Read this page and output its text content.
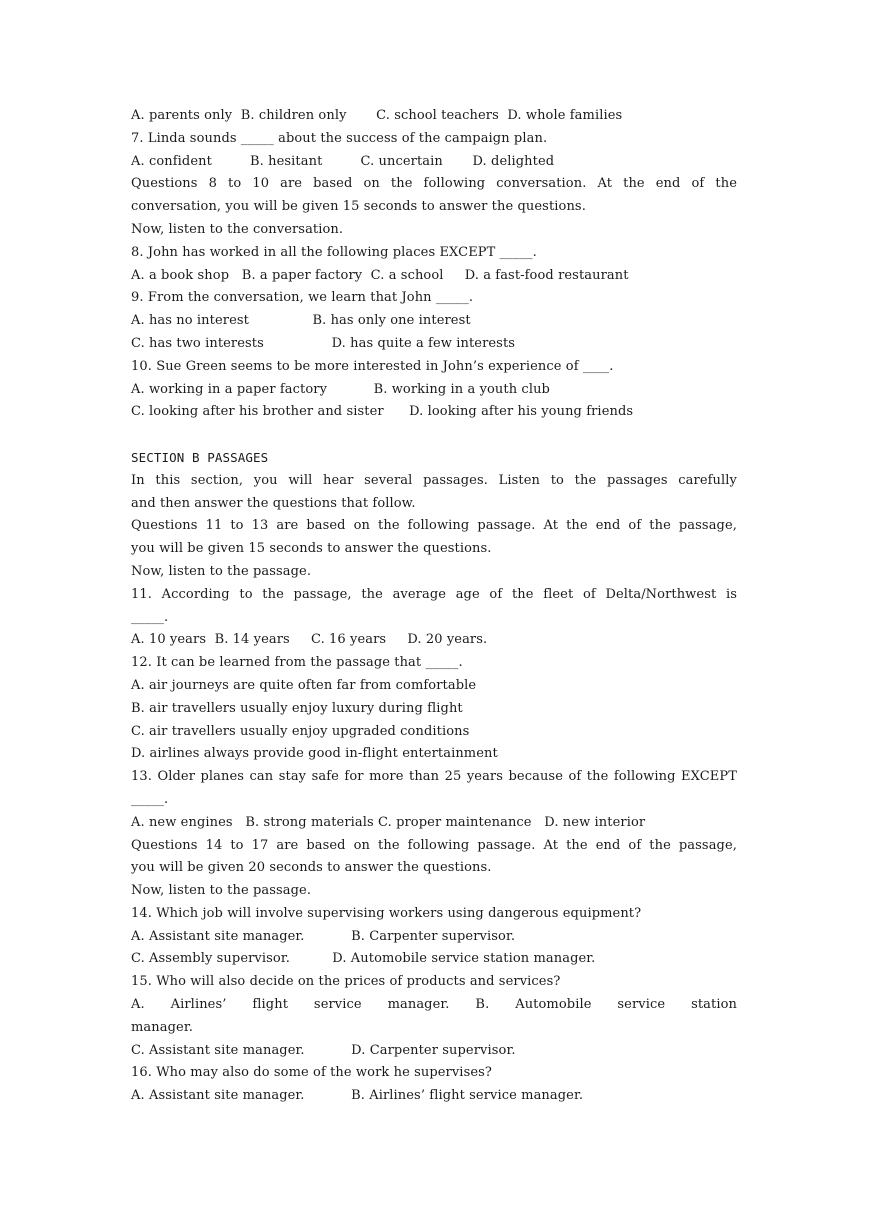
A. parents only  B. children only       C. school teachers  D. whole families
7. Linda sounds _____ about the success of the campaign plan.
A. confident         B. hesitant         C. uncertain       D. delighted
Questions 8 to 10 are based on the following conversation. At the end of the
conversation, you will be given 15 seconds to answer the questions.
Now, listen to the conversation.
8. John has worked in all the following places EXCEPT _____.
A. a book shop   B. a paper factory  C. a school     D. a fast-food restaurant
9. From the conversation, we learn that John _____.
A. has no interest               B. has only one interest
C. has two interests                D. has quite a few interests
10. Sue Green seems to be more interested in John’s experience of ____.
A. working in a paper factory           B. working in a youth club
C. looking after his brother and sister      D. looking after his young friends
SECTION B PASSAGES
In this section, you will hear several passages. Listen to the passages carefully
and then answer the questions that follow.
Questions 11 to 13 are based on the following passage. At the end of the passage,
you will be given 15 seconds to answer the questions.
Now, listen to the passage.
11. According to the passage, the average age of the fleet of Delta/Northwest is
_____.
A. 10 years  B. 14 years     C. 16 years     D. 20 years.
12. It can be learned from the passage that _____.
A. air journeys are quite often far from comfortable
B. air travellers usually enjoy luxury during flight
C. air travellers usually enjoy upgraded conditions
D. airlines always provide good in-flight entertainment
13. Older planes can stay safe for more than 25 years because of the following EXCEPT
_____.
A. new engines   B. strong materials C. proper maintenance   D. new interior
Questions 14 to 17 are based on the following passage. At the end of the passage,
you will be given 20 seconds to answer the questions.
Now, listen to the passage.
14. Which job will involve supervising workers using dangerous equipment?
A. Assistant site manager.           B. Carpenter supervisor.
C. Assembly supervisor.          D. Automobile service station manager.
15. Who will also decide on the prices of products and services?
A. Airlines’ flight service manager. B. Automobile service station
manager.
C. Assistant site manager.           D. Carpenter supervisor.
16. Who may also do some of the work he supervises?
A. Assistant site manager.           B. Airlines’ flight service manager.
